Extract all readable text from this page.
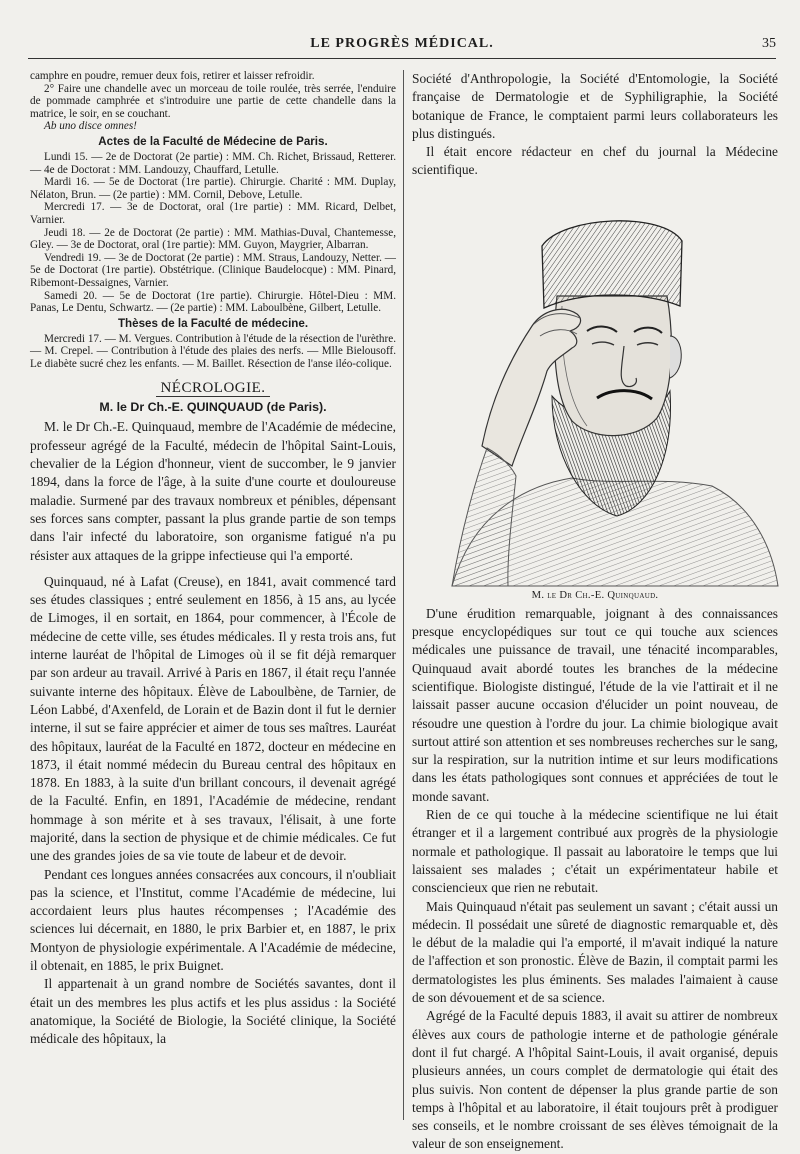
LE PROGRÈS MÉDICAL.	35

camphre en poudre, remuer deux fois, retirer et laisser refroidir.

2° Faire une chandelle avec un morceau de toile roulée, très serrée, l'enduire de pommade camphrée et s'introduire une partie de cette chandelle dans la matrice, le soir, en se couchant.

Ab uno disce omnes!

Actes de la Faculté de Médecine de Paris.

Lundi 15. — 2e de Doctorat (2e partie) : MM. Ch. Richet, Brissaud, Retterer. — 4e de Doctorat : MM. Landouzy, Chauffard, Letulle.

Mardi 16. — 5e de Doctorat (1re partie). Chirurgie. Charité : MM. Duplay, Nélaton, Brun. — (2e partie) : MM. Cornil, Debove, Letulle.

Mercredi 17. — 3e de Doctorat, oral (1re partie) : MM. Ricard, Delbet, Varnier.

Jeudi 18. — 2e de Doctorat (2e partie) : MM. Mathias-Duval, Chantemesse, Gley. — 3e de Doctorat, oral (1re partie): MM. Guyon, Maygrier, Albarran.

Vendredi 19. — 3e de Doctorat (2e partie) : MM. Straus, Landouzy, Netter. — 5e de Doctorat (1re partie). Obstétrique. (Clinique Baudelocque) : MM. Pinard, Ribemont-Dessaignes, Varnier.

Samedi 20. — 5e de Doctorat (1re partie). Chirurgie. Hôtel-Dieu : MM. Panas, Le Dentu, Schwartz. — (2e partie) : MM. Laboulbène, Gilbert, Letulle.

Thèses de la Faculté de médecine.

Mercredi 17. — M. Vergues. Contribution à l'étude de la résection de l'urèthre. — M. Crepel. — Contribution à l'étude des plaies des nerfs. — Mlle Bielousoff. Le diabète sucré chez les enfants. — M. Baillet. Résection de l'anse iléo-colique.

NÉCROLOGIE.
M. le Dr Ch.-E. QUINQUAUD (de Paris).

M. le Dr Ch.-E. Quinquaud, membre de l'Académie de médecine, professeur agrégé de la Faculté, médecin de l'hôpital Saint-Louis, chevalier de la Légion d'honneur, vient de succomber, le 9 janvier 1894, dans la force de l'âge, à la suite d'une courte et douloureuse maladie. Surmené par des travaux nombreux et pénibles, dépensant ses forces sans compter, passant la plus grande partie de son temps dans l'air infecté du laboratoire, son organisme fatigué n'a pu résister aux attaques de la grippe infectieuse qui l'a emporté.

Quinquaud, né à Lafat (Creuse), en 1841, avait commencé tard ses études classiques ; entré seulement en 1856, à 15 ans, au lycée de Limoges, il en sortait, en 1864, pour commencer, à l'École de médecine de cette ville, ses études médicales. Il y resta trois ans, fut interne lauréat de l'hôpital de Limoges où il se fit déjà remarquer par son ardeur au travail. Arrivé à Paris en 1867, il était reçu l'année suivante interne des hôpitaux. Élève de Laboulbène, de Tarnier, de Léon Labbé, d'Axenfeld, de Lorain et de Bazin dont il fut le dernier interne, il sut se faire apprécier et aimer de tous ses maîtres. Lauréat des hôpitaux, lauréat de la Faculté en 1872, docteur en médecine en 1873, il était nommé médecin du Bureau central des hôpitaux en 1878. En 1883, à la suite d'un brillant concours, il devenait agrégé de la Faculté. Enfin, en 1891, l'Académie de médecine, rendant hommage à son mérite et à ses travaux, l'élisait, à une forte majorité, dans la section de physique et de chimie médicales. Ce fut une des grandes joies de sa vie toute de labeur et de devoir.

Pendant ces longues années consacrées aux concours, il n'oubliait pas la science, et l'Institut, comme l'Académie de médecine, lui accordaient leurs plus hautes récompenses ; l'Académie des sciences lui décernait, en 1880, le prix Barbier et, en 1887, le prix Montyon de physiologie expérimentale. A l'Académie de médecine, il obtenait, en 1885, le prix Buignet.

Il appartenait à un grand nombre de Sociétés savantes, dont il était un des membres les plus actifs et les plus assidus : la Société anatomique, la Société de Biologie, la Société clinique, la Société médicale des hôpitaux, la

Société d'Anthropologie, la Société d'Entomologie, la Société française de Dermatologie et de Syphiligraphie, la Société botanique de France, le comptaient parmi leurs collaborateurs les plus distingués.

Il était encore rédacteur en chef du journal la Médecine scientifique.

M. le Dr Ch.-E. Quinquaud.

D'une érudition remarquable, joignant à des connaissances presque encyclopédiques sur tout ce qui touche aux sciences médicales une puissance de travail, une ténacité incomparables, Quinquaud avait abordé toutes les branches de la médecine scientifique. Biologiste distingué, l'étude de la vie l'attirait et il ne laissait passer aucune occasion d'élucider un point nouveau, de résoudre une question à l'ordre du jour. La chimie biologique avait surtout attiré son attention et ses nombreuses recherches sur le sang, sur la respiration, sur la nutrition intime et sur leurs modifications dans les états pathologiques sont connues et appréciées de tout le monde savant.

Rien de ce qui touche à la médecine scientifique ne lui était étranger et il a largement contribué aux progrès de la physiologie normale et pathologique. Il passait au laboratoire le temps que lui laissaient ses malades ; c'était un expérimentateur habile et consciencieux que rien ne rebutait.

Mais Quinquaud n'était pas seulement un savant ; c'était aussi un médecin. Il possédait une sûreté de diagnostic remarquable et, dès le début de la maladie qui l'a emporté, il m'avait indiqué la nature de l'affection et son pronostic. Élève de Bazin, il comptait parmi les dermatologistes les plus éminents. Ses malades l'aimaient à cause de son dévouement et de sa science.

Agrégé de la Faculté depuis 1883, il avait su attirer de nombreux élèves aux cours de pathologie interne et de pathologie générale dont il fut chargé. A l'hôpital Saint-Louis, il avait organisé, depuis plusieurs années, un cours complet de dermatologie qui était des plus suivis. Non content de dépenser la plus grande partie de son temps à l'hôpital et au laboratoire, il était toujours prêt à prodiguer ses conseils, et le nombre croissant de ses élèves témoignait de la valeur de son enseignement.
